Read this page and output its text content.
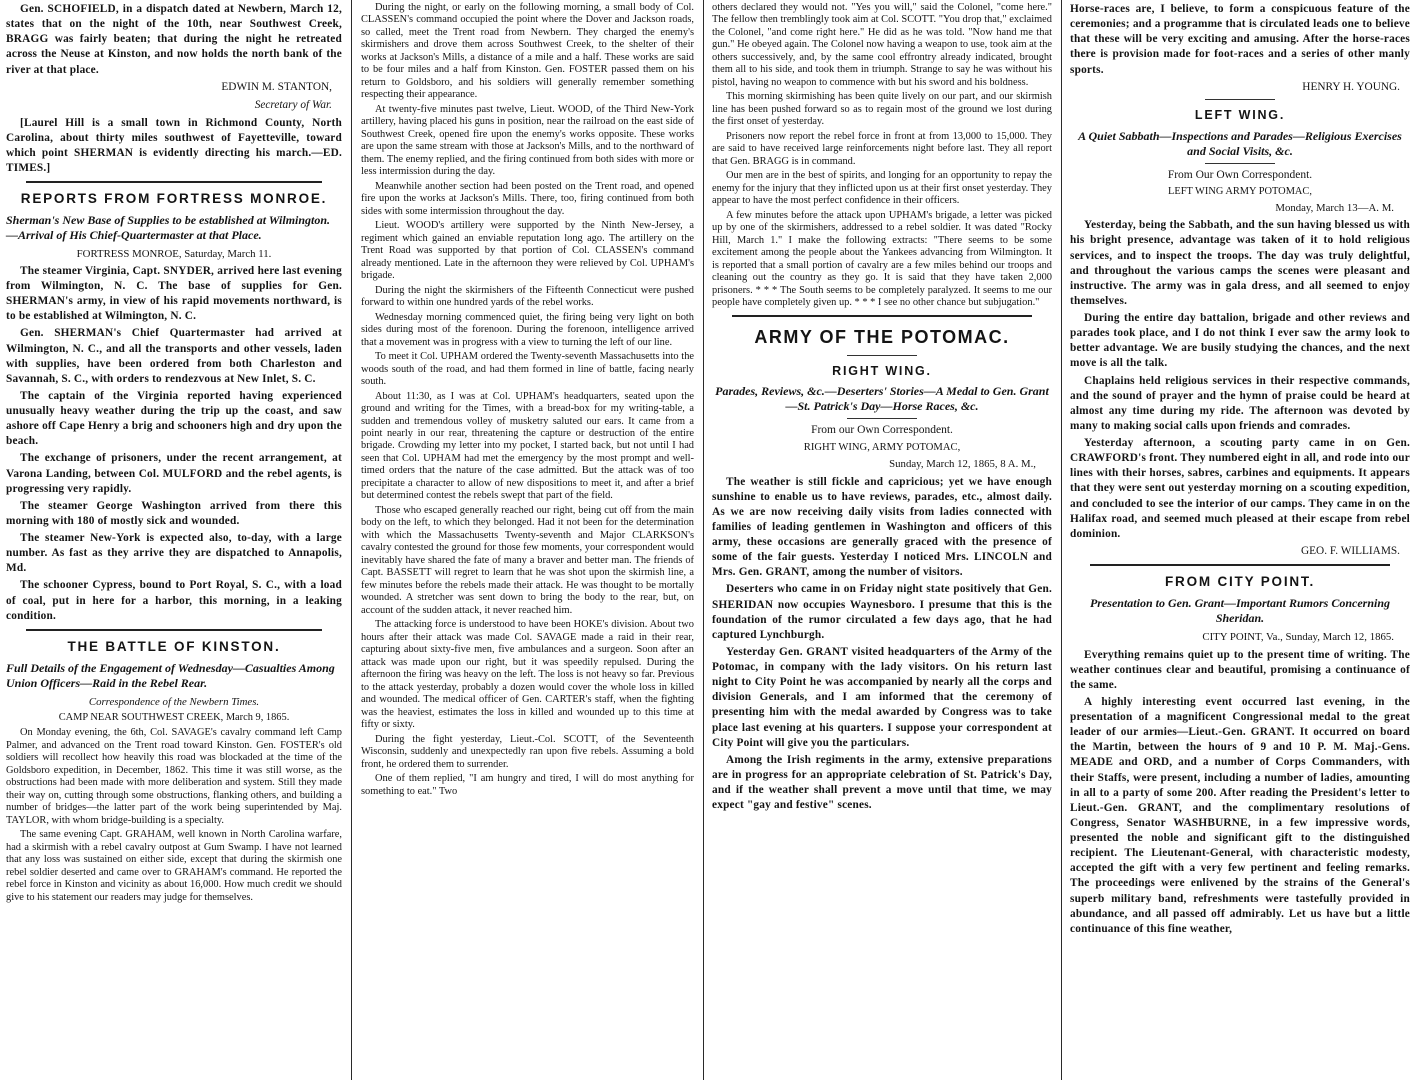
Gen. SCHOFIELD, in a dispatch dated at Newbern, March 12, states that on the night of the 10th, near Southwest Creek, BRAGG was fairly beaten; that during the night he retreated across the Neuse at Kinston, and now holds the north bank of the river at that place.

EDWIN M. STANTON,

Secretary of War.

[Laurel Hill is a small town in Richmond County, North Carolina, about thirty miles southwest of Fayetteville, toward which point SHERMAN is evidently directing his march.—ED. TIMES.]

REPORTS FROM FORTRESS MONROE.
Sherman's New Base of Supplies to be established at Wilmington.—Arrival of His Chief-Quartermaster at that Place.

FORTRESS MONROE, Saturday, March 11.

The steamer Virginia, Capt. SNYDER, arrived here last evening from Wilmington, N. C. The base of supplies for Gen. SHERMAN's army, in view of his rapid movements northward, is to be established at Wilmington, N. C.

Gen. SHERMAN's Chief Quartermaster had arrived at Wilmington, N. C., and all the transports and other vessels, laden with supplies, have been ordered from both Charleston and Savannah, S. C., with orders to rendezvous at New Inlet, S. C.

The captain of the Virginia reported having experienced unusually heavy weather during the trip up the coast, and saw ashore off Cape Henry a brig and schooners high and dry upon the beach.

The exchange of prisoners, under the recent arrangement, at Varona Landing, between Col. MULFORD and the rebel agents, is progressing very rapidly.

The steamer George Washington arrived from there this morning with 180 of mostly sick and wounded.

The steamer New-York is expected also, to-day, with a large number. As fast as they arrive they are dispatched to Annapolis, Md.

The schooner Cypress, bound to Port Royal, S. C., with a load of coal, put in here for a harbor, this morning, in a leaking condition.

THE BATTLE OF KINSTON.
Full Details of the Engagement of Wednesday—Casualties Among Union Officers—Raid in the Rebel Rear.

Correspondence of the Newbern Times.

CAMP NEAR SOUTHWEST CREEK, March 9, 1865.

On Monday evening, the 6th, Col. SAVAGE's cavalry command left Camp Palmer, and advanced on the Trent road toward Kinston. Gen. FOSTER's old soldiers will recollect how heavily this road was blockaded at the time of the Goldsboro expedition, in December, 1862. This time it was still worse, as the obstructions had been made with more deliberation and system. Still they made their way on, cutting through some obstructions, flanking others, and building a number of bridges—the latter part of the work being superintended by Maj. TAYLOR, with whom bridge-building is a specialty.

The same evening Capt. GRAHAM, well known in North Carolina warfare, had a skirmish with a rebel cavalry outpost at Gum Swamp. I have not learned that any loss was sustained on either side, except that during the skirmish one rebel soldier deserted and came over to GRAHAM's command. He reported the rebel force in Kinston and vicinity as about 16,000. How much credit we should give to his statement our readers may judge for themselves.

During the night, or early on the following morning, a small body of Col. CLASSEN's command occupied the point where the Dover and Jackson roads, so called, meet the Trent road from Newbern. They charged the enemy's skirmishers and drove them across Southwest Creek, to the shelter of their works at Jackson's Mills, a distance of a mile and a half. These works are said to be four miles and a half from Kinston. Gen. FOSTER passed them on his return to Goldsboro, and his soldiers will generally remember something respecting their appearance.

At twenty-five minutes past twelve, Lieut. WOOD, of the Third New-York artillery, having placed his guns in position, near the railroad on the east side of Southwest Creek, opened fire upon the enemy's works opposite. These works are upon the same stream with those at Jackson's Mills, and to the northward of them. The enemy replied, and the firing continued from both sides with more or less intermission during the day.

Meanwhile another section had been posted on the Trent road, and opened fire upon the works at Jackson's Mills. There, too, firing continued from both sides with some intermission throughout the day.

Lieut. WOOD's artillery were supported by the Ninth New-Jersey, a regiment which gained an enviable reputation long ago. The artillery on the Trent Road was supported by that portion of Col. CLASSEN's command already mentioned. Late in the afternoon they were relieved by Col. UPHAM's brigade.

During the night the skirmishers of the Fifteenth Connecticut were pushed forward to within one hundred yards of the rebel works.

Wednesday morning commenced quiet, the firing being very light on both sides during most of the forenoon. During the forenoon, intelligence arrived that a movement was in progress with a view to turning the left of our line.

To meet it Col. UPHAM ordered the Twenty-seventh Massachusetts into the woods south of the road, and had them formed in line of battle, facing nearly south.

About 11:30, as I was at Col. UPHAM's headquarters, seated upon the ground and writing for the Times, with a bread-box for my writing-table, a sudden and tremendous volley of musketry saluted our ears. It came from a point nearly in our rear, threatening the capture or destruction of the entire brigade. Crowding my letter into my pocket, I started back, but not until I had seen that Col. UPHAM had met the emergency by the most prompt and well-timed orders that the nature of the case admitted. But the attack was of too precipitate a character to allow of new dispositions to meet it, and after a brief but determined contest the rebels swept that part of the field.

Those who escaped generally reached our right, being cut off from the main body on the left, to which they belonged. Had it not been for the determination with which the Massachusetts Twenty-seventh and Major CLARKSON's cavalry contested the ground for those few moments, your correspondent would inevitably have shared the fate of many a braver and better man. The friends of Capt. BASSETT will regret to learn that he was shot upon the skirmish line, a few minutes before the rebels made their attack. He was thought to be mortally wounded. A stretcher was sent down to bring the body to the rear, but, on account of the sudden attack, it never reached him.

The attacking force is understood to have been HOKE's division. About two hours after their attack was made Col. SAVAGE made a raid in their rear, capturing about sixty-five men, five ambulances and a surgeon. Soon after an attack was made upon our right, but it was speedily repulsed. During the afternoon the firing was heavy on the left. The loss is not heavy so far. Previous to the attack yesterday, probably a dozen would cover the whole loss in killed and wounded. The medical officer of Gen. CARTER's staff, when the fighting was the heaviest, estimates the loss in killed and wounded up to this time at fifty or sixty.

During the fight yesterday, Lieut.-Col. SCOTT, of the Seventeenth Wisconsin, suddenly and unexpectedly ran upon five rebels. Assuming a bold front, he ordered them to surrender.

One of them replied, "I am hungry and tired, I will do most anything for something to eat." Two

others declared they would not. "Yes you will," said the Colonel, "come here." The fellow then tremblingly took aim at Col. SCOTT. "You drop that," exclaimed the Colonel, "and come right here." He did as he was told. "Now hand me that gun." He obeyed again. The Colonel now having a weapon to use, took aim at the others successively, and, by the same cool effrontry already indicated, brought them all to his side, and took them in triumph. Strange to say he was without his pistol, having no weapon to commence with but his sword and his boldness.

This morning skirmishing has been quite lively on our part, and our skirmish line has been pushed forward so as to regain most of the ground we lost during the first onset of yesterday.

Prisoners now report the rebel force in front at from 13,000 to 15,000. They are said to have received large reinforcements night before last. They all report that Gen. BRAGG is in command.

Our men are in the best of spirits, and longing for an opportunity to repay the enemy for the injury that they inflicted upon us at their first onset yesterday. They appear to have the most perfect confidence in their officers.

A few minutes before the attack upon UPHAM's brigade, a letter was picked up by one of the skirmishers, addressed to a rebel soldier. It was dated "Rocky Hill, March 1." I make the following extracts: "There seems to be some excitement among the people about the Yankees advancing from Wilmington. It is reported that a small portion of cavalry are a few miles behind our troops and cleaning out the country as they go. It is said that they have taken 2,000 prisoners. * * * The South seems to be completely paralyzed. It seems to me our people have completely given up. * * * I see no other chance but subjugation."

ARMY OF THE POTOMAC.
RIGHT WING.
Parades, Reviews, &c.—Deserters' Stories—A Medal to Gen. Grant—St. Patrick's Day—Horse Races, &c.

From our Own Correspondent.

RIGHT WING, ARMY POTOMAC,

Sunday, March 12, 1865, 8 A. M.,

The weather is still fickle and capricious; yet we have enough sunshine to enable us to have reviews, parades, etc., almost daily. As we are now receiving daily visits from ladies connected with families of leading gentlemen in Washington and officers of this army, these occasions are generally graced with the presence of some of the fair guests. Yesterday I noticed Mrs. LINCOLN and Mrs. Gen. GRANT, among the number of visitors.

Deserters who came in on Friday night state positively that Gen. SHERIDAN now occupies Waynesboro. I presume that this is the foundation of the rumor circulated a few days ago, that he had captured Lynchburgh.

Yesterday Gen. GRANT visited headquarters of the Army of the Potomac, in company with the lady visitors. On his return last night to City Point he was accompanied by nearly all the corps and division Generals, and I am informed that the ceremony of presenting him with the medal awarded by Congress was to take place last evening at his quarters. I suppose your correspondent at City Point will give you the particulars.

Among the Irish regiments in the army, extensive preparations are in progress for an appropriate celebration of St. Patrick's Day, and if the weather shall prevent a move until that time, we may expect "gay and festive" scenes.

Horse-races are, I believe, to form a conspicuous feature of the ceremonies; and a programme that is circulated leads one to believe that these will be very exciting and amusing. After the horse-races there is provision made for foot-races and a series of other manly sports.

HENRY H. YOUNG.

LEFT WING.
A Quiet Sabbath—Inspections and Parades—Religious Exercises and Social Visits, &c.

From Our Own Correspondent.

LEFT WING ARMY POTOMAC,

Monday, March 13—A. M.

Yesterday, being the Sabbath, and the sun having blessed us with his bright presence, advantage was taken of it to hold religious services, and to inspect the troops. The day was truly delightful, and throughout the various camps the scenes were pleasant and instructive. The army was in gala dress, and all seemed to enjoy themselves.

During the entire day battalion, brigade and other reviews and parades took place, and I do not think I ever saw the army look to better advantage. We are busily studying the chances, and the next move is all the talk.

Chaplains held religious services in their respective commands, and the sound of prayer and the hymn of praise could be heard at almost any time during my ride. The afternoon was devoted by many to making social calls upon friends and comrades.

Yesterday afternoon, a scouting party came in on Gen. CRAWFORD's front. They numbered eight in all, and rode into our lines with their horses, sabres, carbines and equipments. It appears that they were sent out yesterday morning on a scouting expedition, and concluded to see the interior of our camps. They came in on the Halifax road, and seemed much pleased at their escape from rebel dominion.

GEO. F. WILLIAMS.

FROM CITY POINT.
Presentation to Gen. Grant—Important Rumors Concerning Sheridan.

CITY POINT, Va., Sunday, March 12, 1865.

Everything remains quiet up to the present time of writing. The weather continues clear and beautiful, promising a continuance of the same.

A highly interesting event occurred last evening, in the presentation of a magnificent Congressional medal to the great leader of our armies—Lieut.-Gen. GRANT. It occurred on board the Martin, between the hours of 9 and 10 P. M. Maj.-Gens. MEADE and ORD, and a number of Corps Commanders, with their Staffs, were present, including a number of ladies, amounting in all to a party of some 200. After reading the President's letter to Lieut.-Gen. GRANT, and the complimentary resolutions of Congress, Senator WASHBURNE, in a few impressive words, presented the noble and significant gift to the distinguished recipient. The Lieutenant-General, with characteristic modesty, accepted the gift with a very few pertinent and feeling remarks. The proceedings were enlivened by the strains of the General's superb military band, refreshments were tastefully provided in abundance, and all passed off admirably. Let us have but a little continuance of this fine weather,
